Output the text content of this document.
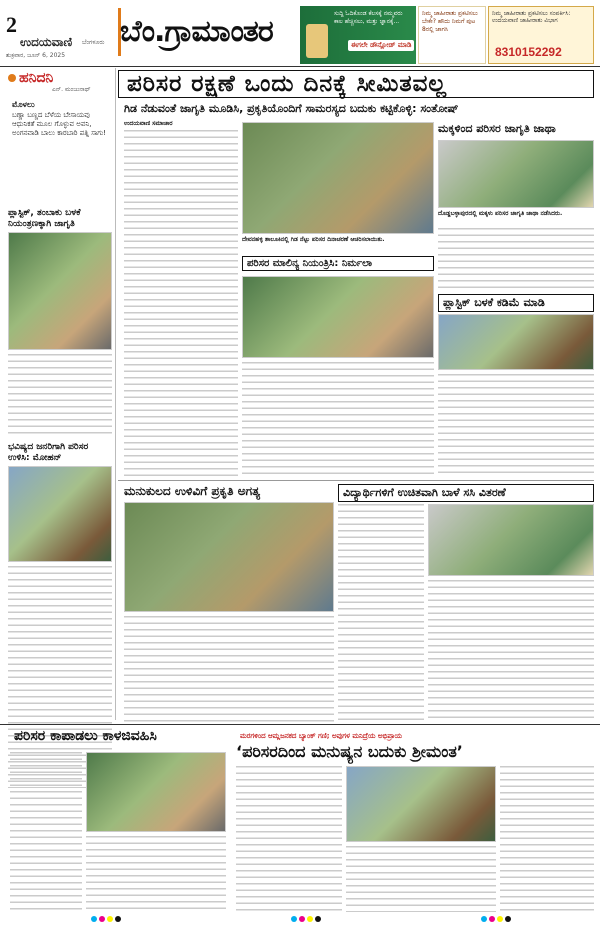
2
ಉದಯವಾಣಿ ಬೆಂಗಳೂರು
ಶುಕ್ರವಾರ, ಜೂನ್ 6, 2025
ಬೆಂ.ಗ್ರಾಮಾಂತರ
ಸುದ್ದಿ ಓದಿಕೊಂಡ ಕೆಲಸಕ್ಕೆ ನಮ್ಮವರು ಕಾಲ ಹೆಚ್ಚಿಸಲು, ಮತ್ತು ಜ್ಞಾನಕ್ಕೆ...
ಈಗಲೇ ಡೌನ್ಲೋಡ್ ಮಾಡಿ
ನಿಮ್ಮ ಜಾಹೀರಾತು ಪ್ರಕಟಿಸಲು ಬೇಕೇ? ಹೌದು ನಿಮಗೆ ಪುಟ 8ರಲ್ಲಿ ಜಾಗಸಿ
ನಿಮ್ಮ ಜಾಹೀರಾತು ಪ್ರಕಟಿಸಲು ಸಂಪರ್ಕಿಸಿ: ಉದಯವಾಣಿ ಜಾಹೀರಾತು ವಿಭಾಗ
8310152292
ಹನಿದನಿ
ಎನ್. ಮಂಜುನಾಥ್
ಮೊಳಲು
ಬಣ್ಣಾ ಬಣ್ಣದ ಬೆಳೆಯ ಬೇಸಾಯವು ಆಧುನಿಕತೆ ಮೂಲ ಗೊಳ್ಳುವ ಅವನಿ, ಅಂಗನವಾಡಿ ಬಾಲು ಕಾರಬಾರಿ ಪತ್ನಿ ಸಾಗು!
ಪ್ಲಾಸ್ಟಿಕ್, ತಂಬಾಕು ಬಳಕೆ ನಿಯಂತ್ರಣಕ್ಕಾಗಿ ಜಾಗೃತಿ
ಭವಿಷ್ಯದ ಜನರಿಗಾಗಿ ಪರಿಸರ ಉಳಿಸಿ: ಮೋಹನ್
ಪರಿಸರ ರಕ್ಷಣೆ ಒಂದು ದಿನಕ್ಕೆ ಸೀಮಿತವಲ್ಲ
ಗಿಡ ನೆಡುವಂತೆ ಜಾಗೃತಿ ಮೂಡಿಸಿ, ಪ್ರಕೃತಿಯೊಂದಿಗೆ ಸಾಮರಸ್ಯದ ಬದುಕು ಕಟ್ಟಿಕೊಳ್ಳಿ: ಸಂತೋಷ್
ಉದಯವಾಣಿ ಸಮಾಚಾರ
ದೇವನಹಳ್ಳಿ ತಾಲೂಕಿನಲ್ಲಿ ಗಿಡ ನೆಟ್ಟು ಪರಿಸರ ದಿನಾಚರಣೆ ಆಚರಿಸಲಾಯಿತು.
ಮಕ್ಕಳಿಂದ ಪರಿಸರ ಜಾಗೃತಿ ಜಾಥಾ
ದೊಡ್ಡಬಳ್ಳಾಪುರದಲ್ಲಿ ಮಕ್ಕಳು ಪರಿಸರ ಜಾಗೃತಿ ಜಾಥಾ ನಡೆಸಿದರು.
ಪರಿಸರ ಮಾಲಿನ್ಯ ನಿಯಂತ್ರಿಸಿ: ನಿರ್ಮಲಾ
ಪ್ಲಾಸ್ಟಿಕ್ ಬಳಕೆ ಕಡಿಮೆ ಮಾಡಿ
ಮನುಕುಲದ ಉಳಿವಿಗೆ ಪ್ರಕೃತಿ ಅಗತ್ಯ	ವಿದ್ಯಾರ್ಥಿಗಳಿಗೆ ಉಚಿತವಾಗಿ ಬಾಳೆ ಸಸಿ ವಿತರಣೆ
ಪರಿಸರ ಕಾಪಾಡಲು ಕಾಳಜಿವಹಿಸಿ	ಮರಗಳಿಂದ ಆಮ್ಲಜನಕದ ಬ್ಯಾಂಕ್ ಗಣಿ; ಅವುಗಳ ಮನಿದ್ರೆಯ ಅಭಿಪ್ರಾಯ
‘ಪರಿಸರದಿಂದ ಮನುಷ್ಯನ ಬದುಕು ಶ್ರೀಮಂತ’
